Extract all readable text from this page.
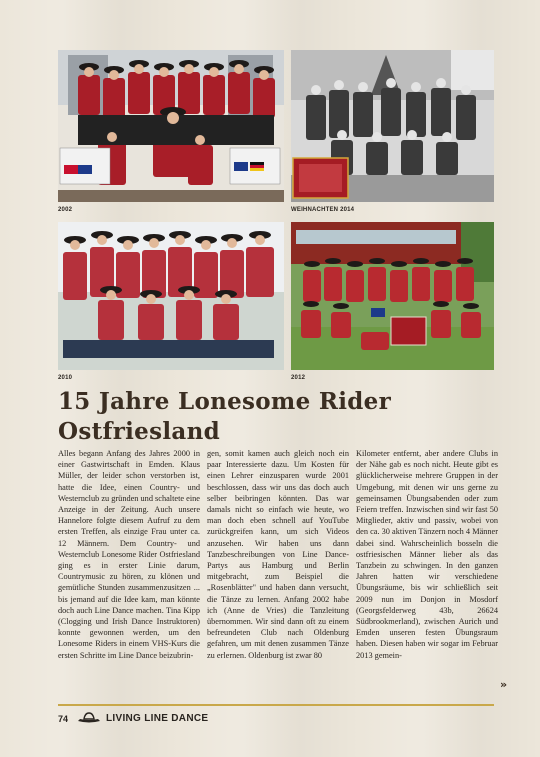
2002	WEIHNACHTEN 2014
2010	2012
15 Jahre Lonesome Rider Ostfriesland

Alles begann Anfang des Jahres 2000 in einer Gastwirtschaft in Emden. Klaus Müller, der leider schon verstorben ist, hatte die Idee, einen Country- und Westernclub zu gründen und schaltete eine Anzeige in der Zeitung. Auch unsere Hannelore folgte diesem Aufruf zu dem ersten Treffen, als einzige Frau unter ca. 12 Männern. Dem Country- und Westernclub Lonesome Rider Ostfriesland ging es in erster Linie darum, Countrymusic zu hören, zu klönen und gemütliche Stunden zusammenzusitzen ... bis jemand auf die Idee kam, man könnte doch auch Line Dance machen. Tina Kipp (Clogging und Irish Dance Instruktoren) konnte gewonnen werden, um den Lonesome Riders in einem VHS-Kurs die ersten Schritte im Line Dance beizubrin-

gen, somit kamen auch gleich noch ein paar Interessierte dazu. Um Kosten für einen Lehrer einzusparen wurde 2001 beschlossen, dass wir uns das doch auch selber beibringen könnten. Das war damals nicht so einfach wie heute, wo man doch eben schnell auf YouTube zurückgreifen kann, um sich Videos anzusehen. Wir haben uns dann Tanzbeschreibungen von Line Dance-Partys aus Hamburg und Berlin mitgebracht, zum Beispiel die „Rosenblätter" und haben dann versucht, die Tänze zu lernen. Anfang 2002 habe ich (Anne de Vries) die Tanzleitung übernommen. Wir sind dann oft zu einem befreundeten Club nach Oldenburg gefahren, um mit denen zusammen Tänze zu erlernen. Oldenburg ist zwar 80

Kilometer entfernt, aber andere Clubs in der Nähe gab es noch nicht. Heute gibt es glücklicherweise mehrere Gruppen in der Umgebung, mit denen wir uns gerne zu gemeinsamen Übungsabenden oder zum Feiern treffen. Inzwischen sind wir fast 50 Mitglieder, aktiv und passiv, wobei von den ca. 30 aktiven Tänzern noch 4 Männer dabei sind. Wahrscheinlich bosseln die ostfriesischen Männer lieber als das Tanzbein zu schwingen. In den ganzen Jahren hatten wir verschiedene Übungsräume, bis wir schließlich seit 2009 nun im Donjon in Mosdorf (Georgsfelderweg 43b, 26624 Südbrookmerland), zwischen Aurich und Emden unseren festen Übungsraum haben. Diesen haben wir sogar im Februar 2013 gemein-

»
74	LIVING LINE DANCE
